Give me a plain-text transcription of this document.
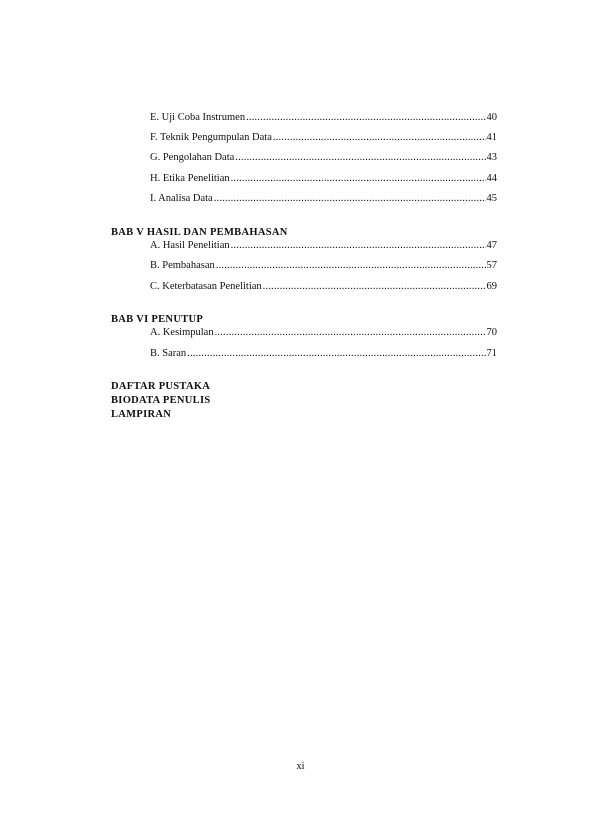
E. Uji Coba Instrumen .....	40
F. Teknik Pengumpulan Data .....	41
G. Pengolahan Data .....	43
H. Etika Penelitian .....	44
I. Analisa Data .....	45
BAB V HASIL DAN PEMBAHASAN
A. Hasil Penelitian .....	47
B. Pembahasan .....	57
C. Keterbatasan Penelitian .....	69
BAB VI PENUTUP
A. Kesimpulan .....	70
B. Saran .....	71
DAFTAR PUSTAKA
BIODATA PENULIS
LAMPIRAN
xi
